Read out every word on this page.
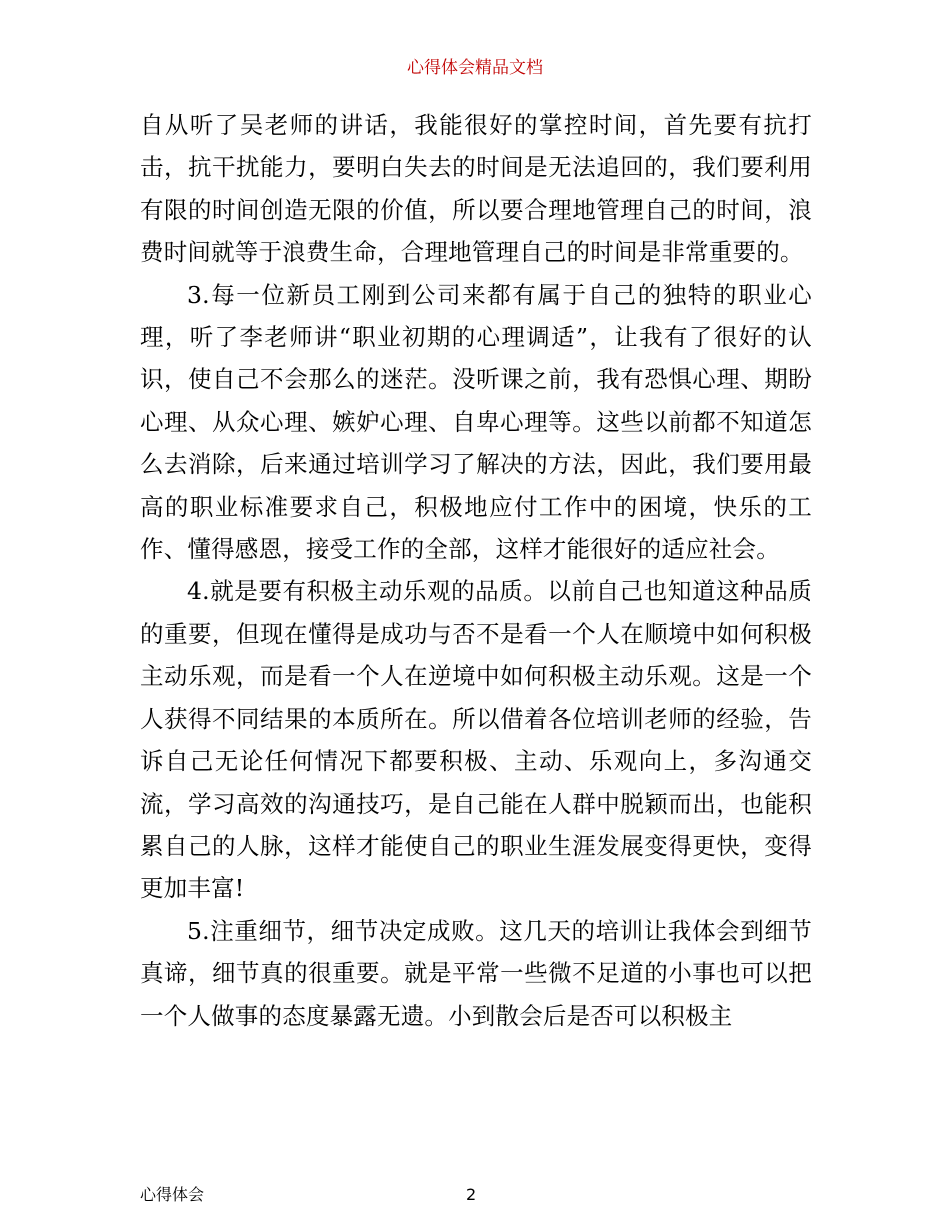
心得体会精品文档

自从听了吴老师的讲话，我能很好的掌控时间，首先要有抗打击，抗干扰能力，要明白失去的时间是无法追回的，我们要利用有限的时间创造无限的价值，所以要合理地管理自己的时间，浪费时间就等于浪费生命，合理地管理自己的时间是非常重要的。

3.每一位新员工刚到公司来都有属于自己的独特的职业心理，听了李老师讲“职业初期的心理调适”，让我有了很好的认识，使自己不会那么的迷茫。没听课之前，我有恐惧心理、期盼心理、从众心理、嫉妒心理、自卑心理等。这些以前都不知道怎么去消除，后来通过培训学习了解决的方法，因此，我们要用最高的职业标准要求自己，积极地应付工作中的困境，快乐的工作、懂得感恩，接受工作的全部，这样才能很好的适应社会。

4.就是要有积极主动乐观的品质。以前自己也知道这种品质的重要，但现在懂得是成功与否不是看一个人在顺境中如何积极主动乐观，而是看一个人在逆境中如何积极主动乐观。这是一个人获得不同结果的本质所在。所以借着各位培训老师的经验，告诉自己无论任何情况下都要积极、主动、乐观向上，多沟通交流，学习高效的沟通技巧，是自己能在人群中脱颖而出，也能积累自己的人脉，这样才能使自己的职业生涯发展变得更快，变得更加丰富!

5.注重细节，细节决定成败。这几天的培训让我体会到细节真谛，细节真的很重要。就是平常一些微不足道的小事也可以把一个人做事的态度暴露无遗。小到散会后是否可以积极主

心得体会	2
